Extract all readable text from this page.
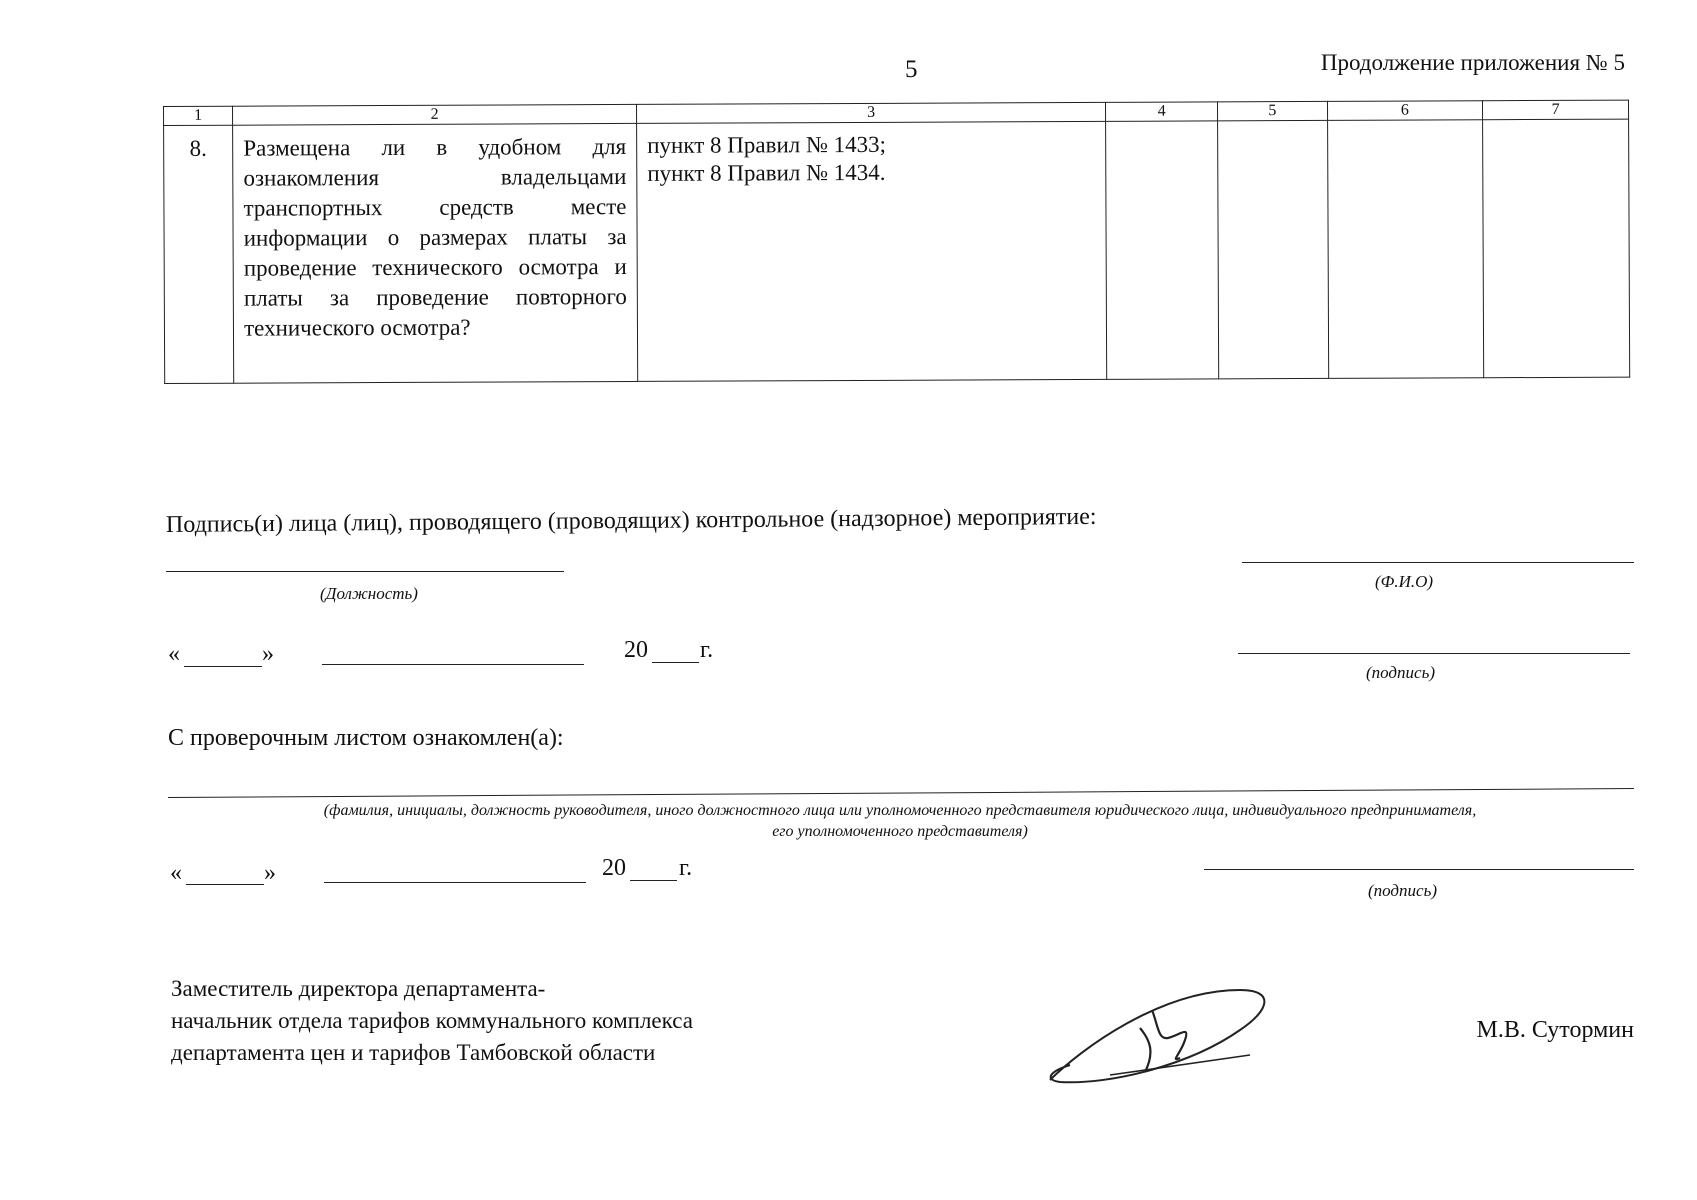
5	Продолжение приложения № 5
1	2	3	4	5	6	7
8.	Размещена ли в удобном для ознакомления владельцами транспортных средств месте информации о размерах платы за проведение технического осмотра и платы за проведение повторного технического осмотра?	пункт 8 Правил № 1433;
пункт 8 Правил № 1434.				

Подпись(и) лица (лиц), проводящего (проводящих) контрольное (надзорное) мероприятие:
(Должность)
(Ф.И.О)
«	»	20 г.
(подпись)
С проверочным листом ознакомлен(а):
(фамилия, инициалы, должность руководителя, иного должностного лица или уполномоченного представителя юридического лица, индивидуального предпринимателя,
его уполномоченного представителя)
«	»	20 г.
(подпись)
Заместитель директора департамента-
начальник отдела тарифов коммунального комплекса
департамента цен и тарифов Тамбовской области
М.В. Сутормин
